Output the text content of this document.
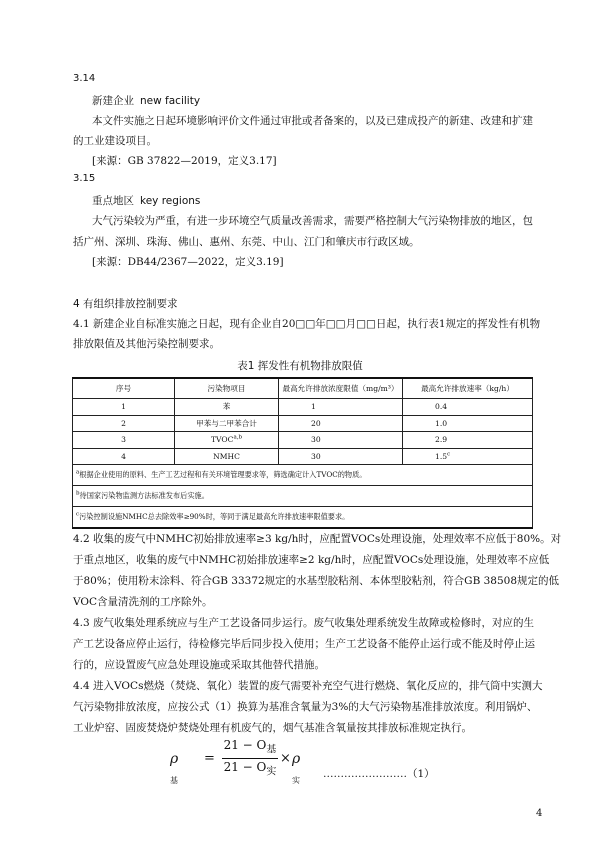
3.14
新建企业 new facility
本文件实施之日起环境影响评价文件通过审批或者备案的，以及已建成投产的新建、改建和扩建
的工业建设项目。
[来源：GB 37822—2019，定义3.17]
3.15
重点地区 key regions
大气污染较为严重，有进一步环境空气质量改善需求，需要严格控制大气污染物排放的地区，包
括广州、深圳、珠海、佛山、惠州、东莞、中山、江门和肇庆市行政区域。
[来源：DB44/2367—2022，定义3.19]
4 有组织排放控制要求
4.1 新建企业自标准实施之日起，现有企业自20□□年□□月□□日起，执行表1规定的挥发性有机物
排放限值及其他污染控制要求。
表1 挥发性有机物排放限值
序号	污染物项目	最高允许排放浓度限值（mg/m³）	最高允许排放速率（kg/h）
1	苯	1	0.4
2	甲苯与二甲苯合计	20	1.0
3	TVOC$^{a,b}$	30	2.9
4	NMHC	30	1.5$^c$
$^a$根据企业使用的原料、生产工艺过程和有关环境管理要求等，筛选确定计入TVOC的物质。			
$^b$待国家污染物监测方法标准发布后实施。			
$^c$污染控制设施NMHC总去除效率≥90%时，等同于满足最高允许排放速率限值要求。			
4.2 收集的废气中NMHC初始排放速率≥3 kg/h时，应配置VOCs处理设施，处理效率不应低于80%。对
于重点地区，收集的废气中NMHC初始排放速率≥2 kg/h时，应配置VOCs处理设施，处理效率不应低
于80%；使用粉末涂料、符合GB 33372规定的水基型胶粘剂、本体型胶粘剂，符合GB 38508规定的低
VOC含量清洗剂的工序除外。
4.3 废气收集处理系统应与生产工艺设备同步运行。废气收集处理系统发生故障或检修时，对应的生
产工艺设备应停止运行，待检修完毕后同步投入使用；生产工艺设备不能停止运行或不能及时停止运
行的，应设置废气应急处理设施或采取其他替代措施。
4.4 进入VOCs燃烧（焚烧、氧化）装置的废气需要补充空气进行燃烧、氧化反应的，排气筒中实测大
气污染物排放浓度，应按公式（1）换算为基准含氧量为3%的大气污染物基准排放浓度。利用锅炉、
工业炉窑、固废焚烧炉焚烧处理有机废气的，烟气基准含氧量按其排放标准规定执行。
$\rho_基$
=
$21 - O_基$
$21 - O_实$
× $\rho_实$
……………………（1）
4
